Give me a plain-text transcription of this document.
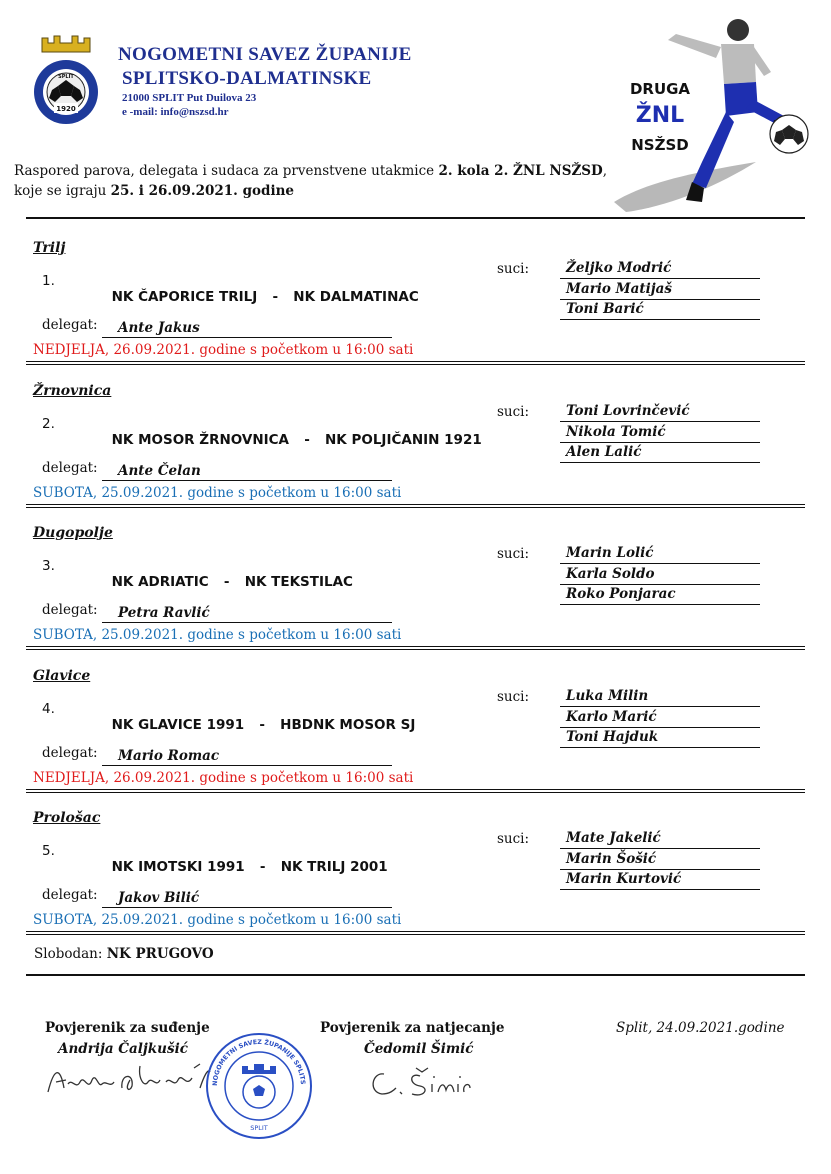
1920
SPLIT
NOGOMETNI SAVEZ ŽUPANIJE
SPLITSKO-DALMATINSKE
21000 SPLIT Put Duilova 23
e -mail: info@nszsd.hr
DRUGA
ŽNL
NSŽSD
Raspored parova, delegata i sudaca za prvenstvene utakmice 2. kola 2. ŽNL NSŽSD,
koje se igraju 25. i 26.09.2021. godine
Trilj
1.

NK ČAPORICE TRILJ - NK DALMATINAC

suci:	Željko Modrić
Mario Matijaš
Toni Barić
delegat:	Ante Jakus
NEDJELJA, 26.09.2021. godine s početkom u 16:00 sati
Žrnovnica
2.

NK MOSOR ŽRNOVNICA - NK POLJIČANIN 1921

suci:	Toni Lovrinčević
Nikola Tomić
Alen Lalić
delegat:	Ante Čelan
SUBOTA, 25.09.2021. godine s početkom u 16:00 sati
Dugopolje
3.

NK ADRIATIC - NK TEKSTILAC

suci:	Marin Lolić
Karla Soldo
Roko Ponjarac
delegat:	Petra Ravlić
SUBOTA, 25.09.2021. godine s početkom u 16:00 sati
Glavice
4.

NK GLAVICE 1991 - HBDNK MOSOR SJ

suci:	Luka Milin
Karlo Marić
Toni Hajduk
delegat:	Mario Romac
NEDJELJA, 26.09.2021. godine s početkom u 16:00 sati
Prološac
5.

NK IMOTSKI 1991 - NK TRILJ 2001

suci:	Mate Jakelić
Marin Šošić
Marin Kurtović
delegat:	Jakov Bilić
SUBOTA, 25.09.2021. godine s početkom u 16:00 sati
Slobodan: NK PRUGOVO
Povjerenik za suđenje
Andrija Čaljkušić
NOGOMETNI SAVEZ ŽUPANIJE SPLITS
SPLIT
Povjerenik za natjecanje
Čedomil Šimić
Split, 24.09.2021.godine
